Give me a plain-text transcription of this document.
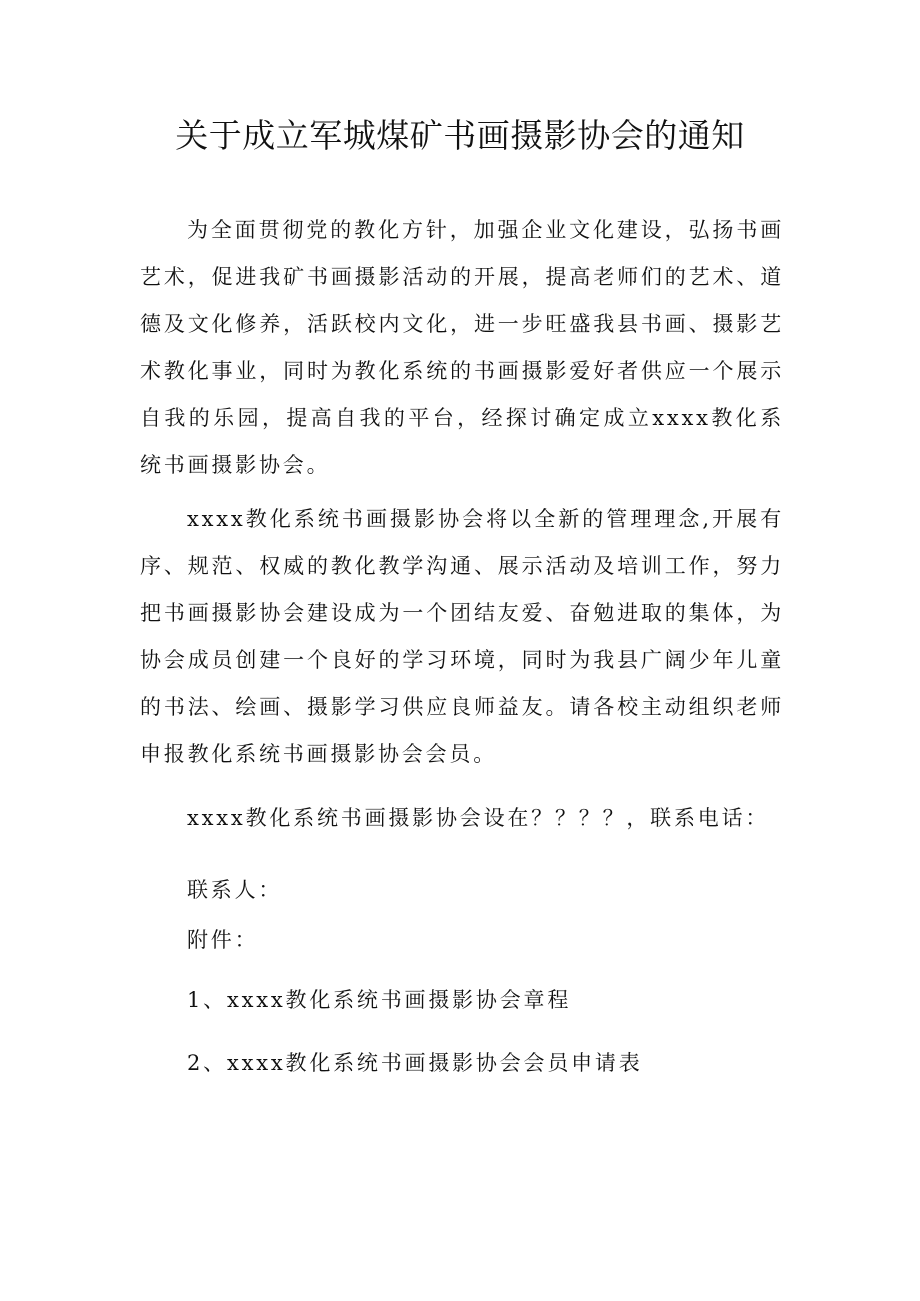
关于成立军城煤矿书画摄影协会的通知

为全面贯彻党的教化方针，加强企业文化建设，弘扬书画艺术，促进我矿书画摄影活动的开展，提高老师们的艺术、道德及文化修养，活跃校内文化，进一步旺盛我县书画、摄影艺术教化事业，同时为教化系统的书画摄影爱好者供应一个展示自我的乐园，提高自我的平台，经探讨确定成立xxxx教化系统书画摄影协会。

xxxx教化系统书画摄影协会将以全新的管理理念,开展有序、规范、权威的教化教学沟通、展示活动及培训工作，努力把书画摄影协会建设成为一个团结友爱、奋勉进取的集体，为协会成员创建一个良好的学习环境，同时为我县广阔少年儿童的书法、绘画、摄影学习供应良师益友。请各校主动组织老师申报教化系统书画摄影协会会员。

xxxx教化系统书画摄影协会设在？？？？，联系电话：

联系人：

附件：

1、xxxx教化系统书画摄影协会章程

2、xxxx教化系统书画摄影协会会员申请表
